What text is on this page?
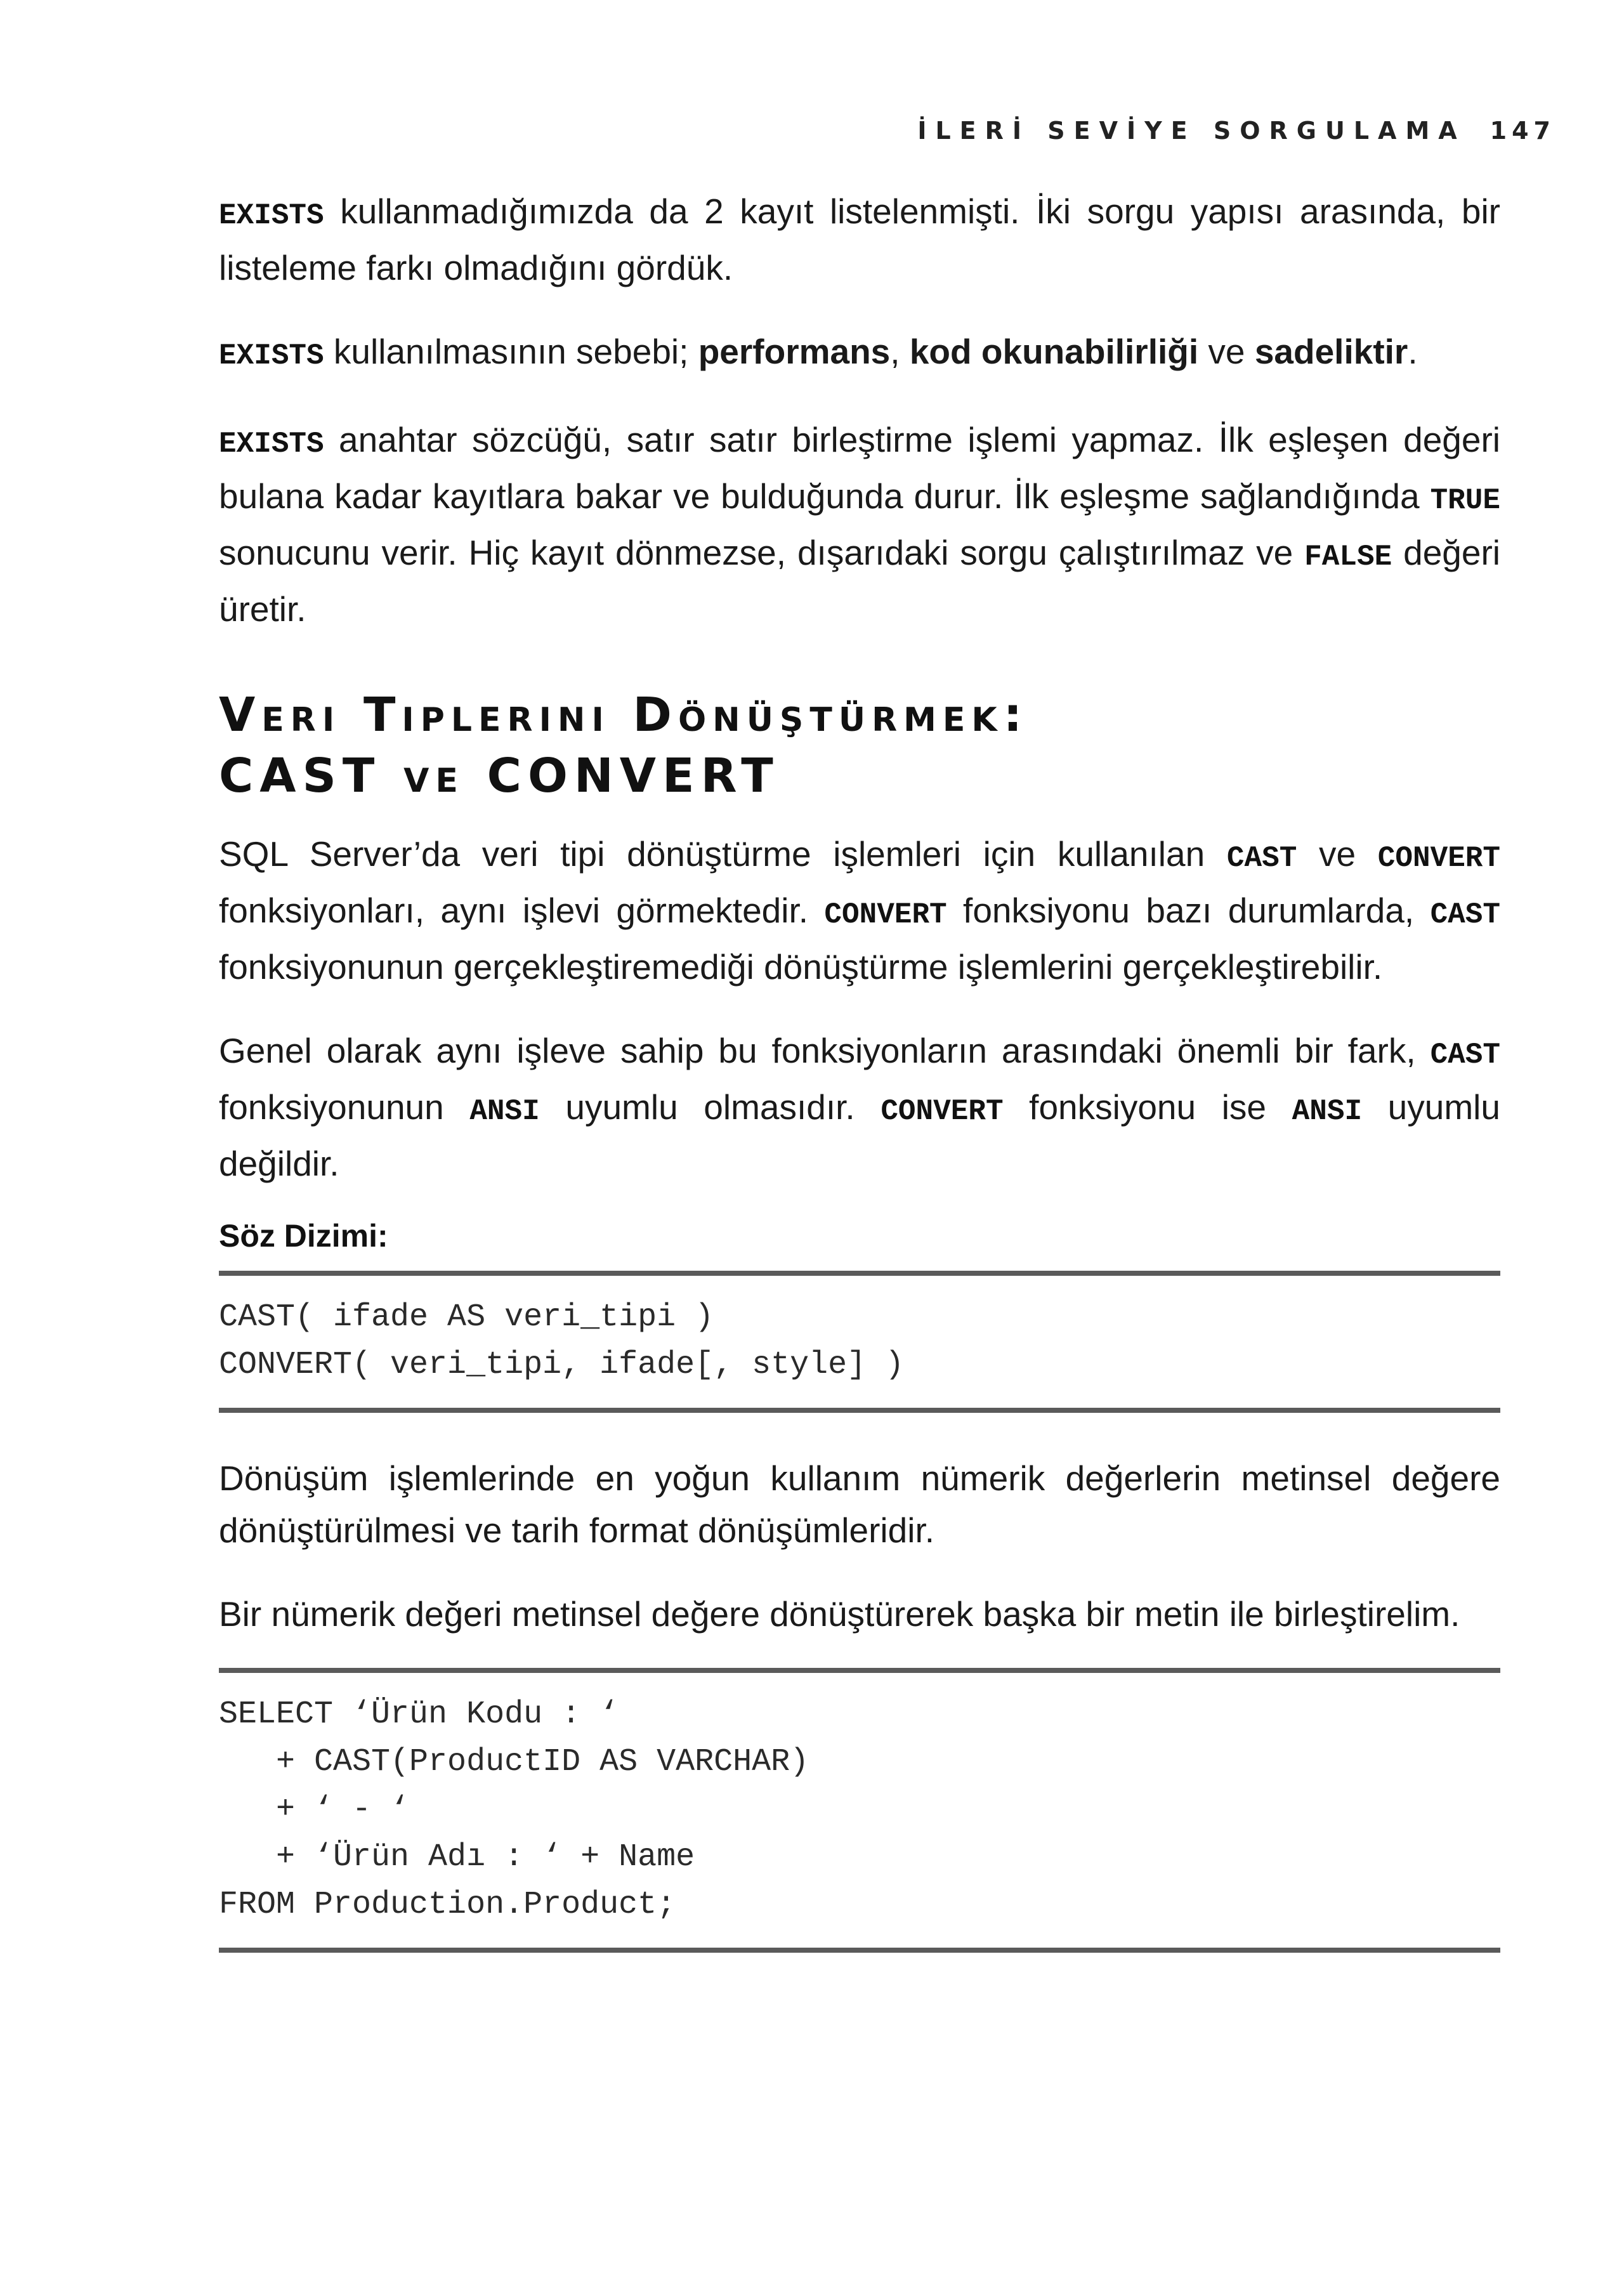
İLERİ SEVİYE SORGULAMA 147

EXISTS kullanmadığımızda da 2 kayıt listelenmişti. İki sorgu yapısı arasında, bir listeleme farkı olmadığını gördük.

EXISTS kullanılmasının sebebi; performans, kod okunabilirliği ve sadeliktir.

EXISTS anahtar sözcüğü, satır satır birleştirme işlemi yapmaz. İlk eşleşen değeri bulana kadar kayıtlara bakar ve bulduğunda durur. İlk eşleşme sağlandığında TRUE sonucunu verir. Hiç kayıt dönmezse, dışarıdaki sorgu çalıştırılmaz ve FALSE değeri üretir.

Veri Tiplerini Dönüştürmek:
CAST ve CONVERT

SQL Server’da veri tipi dönüştürme işlemleri için kullanılan CAST ve CONVERT fonksiyonları, aynı işlevi görmektedir. CONVERT fonksiyonu bazı durumlarda, CAST fonksiyonunun gerçekleştiremediği dönüştürme işlemlerini gerçekleştirebilir.

Genel olarak aynı işleve sahip bu fonksiyonların arasındaki önemli bir fark, CAST fonksiyonunun ANSI uyumlu olmasıdır. CONVERT fonksiyonu ise ANSI uyumlu değildir.

Söz Dizimi:
CAST( ifade AS veri_tipi )
CONVERT( veri_tipi, ifade[, style] )

Dönüşüm işlemlerinde en yoğun kullanım nümerik değerlerin metinsel değere dönüştürülmesi ve tarih format dönüşümleridir.

Bir nümerik değeri metinsel değere dönüştürerek başka bir metin ile birleştirelim.

SELECT ‘Ürün Kodu : ‘
+ CAST(ProductID AS VARCHAR)
+ ‘ - ‘
+ ‘Ürün Adı : ‘ + Name
FROM Production.Product;
